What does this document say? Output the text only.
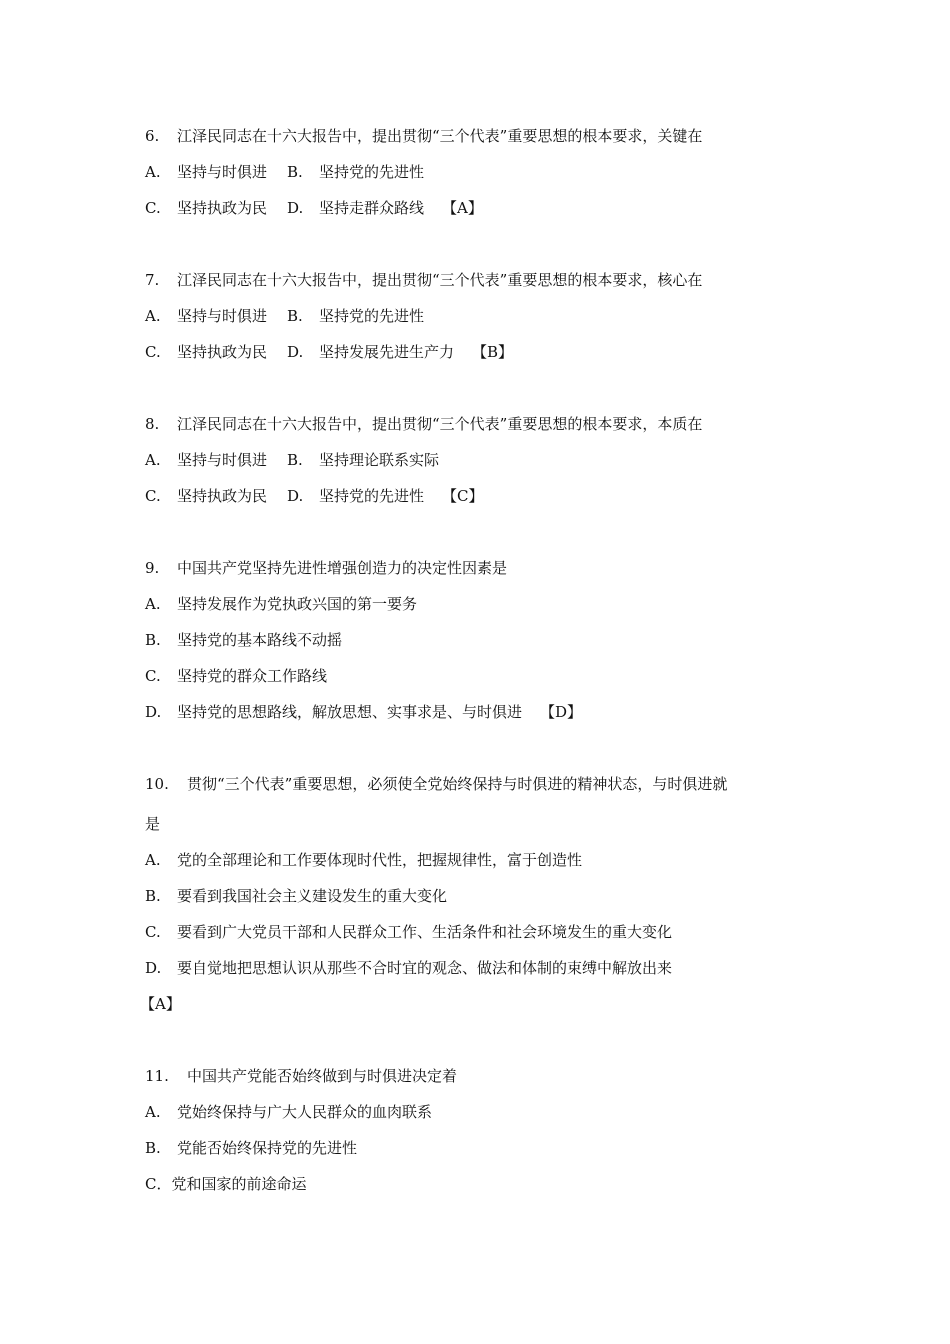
6. 江泽民同志在十六大报告中，提出贯彻“三个代表”重要思想的根本要求，关键在
A. 坚持与时俱进 B. 坚持党的先进性
C. 坚持执政为民 D. 坚持走群众路线 【A】
7. 江泽民同志在十六大报告中，提出贯彻“三个代表”重要思想的根本要求，核心在
A. 坚持与时俱进 B. 坚持党的先进性
C. 坚持执政为民 D. 坚持发展先进生产力 【B】
8. 江泽民同志在十六大报告中，提出贯彻“三个代表”重要思想的根本要求，本质在
A. 坚持与时俱进 B. 坚持理论联系实际
C. 坚持执政为民 D. 坚持党的先进性 【C】
9. 中国共产党坚持先进性增强创造力的决定性因素是
A. 坚持发展作为党执政兴国的第一要务
B. 坚持党的基本路线不动摇
C. 坚持党的群众工作路线
D. 坚持党的思想路线，解放思想、实事求是、与时俱进 【D】
10. 贯彻“三个代表”重要思想，必须使全党始终保持与时俱进的精神状态，与时俱进就
是
A. 党的全部理论和工作要体现时代性，把握规律性，富于创造性
B. 要看到我国社会主义建设发生的重大变化
C. 要看到广大党员干部和人民群众工作、生活条件和社会环境发生的重大变化
D. 要自觉地把思想认识从那些不合时宜的观念、做法和体制的束缚中解放出来
【A】
11. 中国共产党能否始终做到与时俱进决定着
A. 党始终保持与广大人民群众的血肉联系
B. 党能否始终保持党的先进性
C．党和国家的前途命运
